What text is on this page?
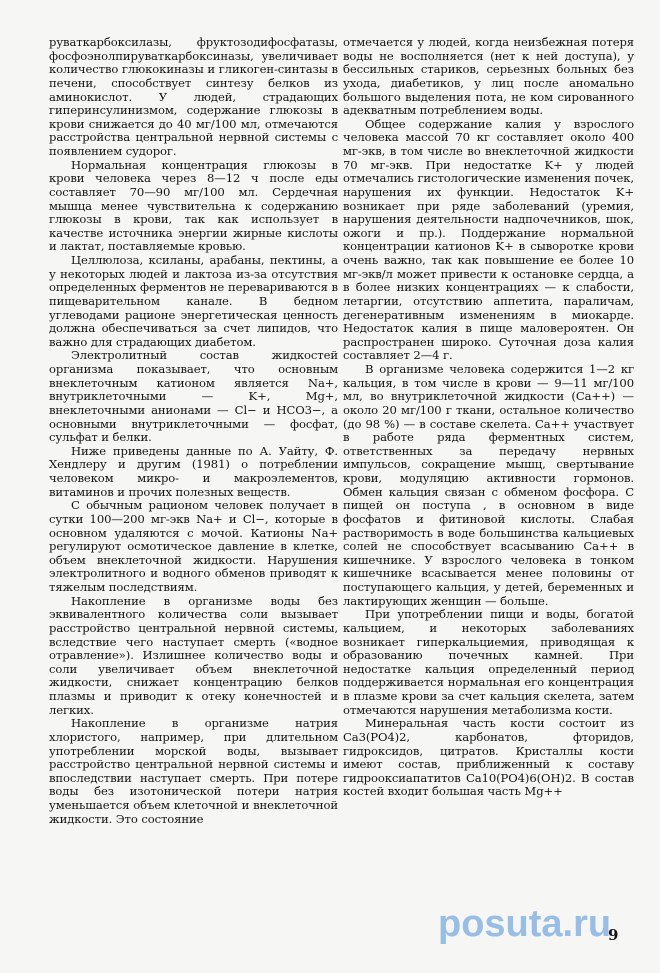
руваткарбоксилазы, фруктозодифосфатазы, фосфоэнолпируваткарбоксиназы, увеличивает количество глюкокиназы и гликоген-синтазы в печени, способствует синтезу белков из аминокислот. У людей, страдающих гиперинсулинизмом, содержание глюкозы в крови снижается до 40 мг/100 мл, отмечаются расстройства центральной нервной системы с появлением судорог.

Нормальная концентрация глюкозы в крови человека через 8—12 ч после еды составляет 70—90 мг/100 мл. Сердечная мышца менее чувствительна к содержанию глюкозы в крови, так как использует в качестве источника энергии жирные кислоты и лактат, поставляемые кровью.

Целлюлоза, ксиланы, арабаны, пектины, а у некоторых людей и лактоза из-за отсутствия определенных ферментов не перевариваются в пищеварительном канале. В бедном углеводами рационе энергетическая ценность должна обеспечиваться за счет липидов, что важно для страдающих диабетом.

Электролитный состав жидкостей организма показывает, что основным внеклеточным катионом является Na+, внутриклеточными — K+, Mg+, внеклеточными анионами — Cl− и HCO3−, а основными внутриклеточными — фосфат, сульфат и белки.

Ниже приведены данные по А. Уайту, Ф. Хендлеру и другим (1981) о потреблении человеком микро- и макроэлементов, витаминов и прочих полезных веществ.

С обычным рационом человек получает в сутки 100—200 мг-экв Na+ и Cl−, которые в основном удаляются с мочой. Катионы Na+ регулируют осмотическое давление в клетке, объем внеклеточной жидкости. Нарушения электролитного и водного обменов приводят к тяжелым последствиям.

Накопление в организме воды без эквивалентного количества соли вызывает расстройство центральной нервной системы, вследствие чего наступает смерть («водное отравление»). Излишнее количество воды и соли увеличивает объем внеклеточной жидкости, снижает концентрацию белков плазмы и приводит к отеку конечностей и легких.

Накопление в организме натрия хлористого, например, при длительном употреблении морской воды, вызывает расстройство центральной нервной системы и впоследствии наступает смерть. При потере воды без изотонической потери натрия уменьшается объем клеточной и внеклеточной жидкости. Это состояние

отмечается у людей, когда неизбежная потеря воды не восполняется (нет к ней доступа), у бессильных стариков, серьезных больных без ухода, диабетиков, у лиц после аномально большого выделения пота, не ком сированного адекватным потреблением воды.

Общее содержание калия у взрослого человека массой 70 кг составляет около 400 мг-экв, в том числе во внеклеточной жидкости 70 мг-экв. При недостатке K+ у людей отмечались гистологические изменения почек, нарушения их функции. Недостаток K+ возникает при ряде заболеваний (уремия, нарушения деятельности надпочечников, шок, ожоги и пр.). Поддержание нормальной концентрации катионов K+ в сыворотке крови очень важно, так как повышение ее более 10 мг-экв/л может привести к остановке сердца, а в более низких концентрациях — к слабости, летаргии, отсутствию аппетита, параличам, дегенеративным изменениям в миокарде. Недостаток калия в пище маловероятен. Он распространен широко. Суточная доза калия составляет 2—4 г.

В организме человека содержится 1—2 кг кальция, в том числе в крови — 9—11 мг/100 мл, во внутриклеточной жидкости (Ca++) — около 20 мг/100 г ткани, остальное количество (до 98 %) — в составе скелета. Ca++ участвует в работе ряда ферментных систем, ответственных за передачу нервных импульсов, сокращение мышц, свертывание крови, модуляцию активности гормонов. Обмен кальция связан с обменом фосфора. С пищей он поступа , в основном в виде фосфатов и фитиновой кислоты. Слабая растворимость в воде большинства кальциевых солей не способствует всасыванию Ca++ в кишечнике. У взрослого человека в тонком кишечнике всасывается менее половины от поступающего кальция, у детей, беременных и лактирующих женщин — больше.

При употреблении пищи и воды, богатой кальцием, и некоторых заболеваниях возникает гиперкальциемия, приводящая к образованию почечных камней. При недостатке кальция определенный период поддерживается нормальная его концентрация в плазме крови за счет кальция скелета, затем отмечаются нарушения метаболизма кости.

Минеральная часть кости состоит из Ca3(PO4)2, карбонатов, фторидов, гидроксидов, цитратов. Кристаллы кости имеют состав, приближенный к составу гидрооксиапатитов Ca10(PO4)6(OH)2. В состав костей входит большая часть Mg++

posuta.ru
9
